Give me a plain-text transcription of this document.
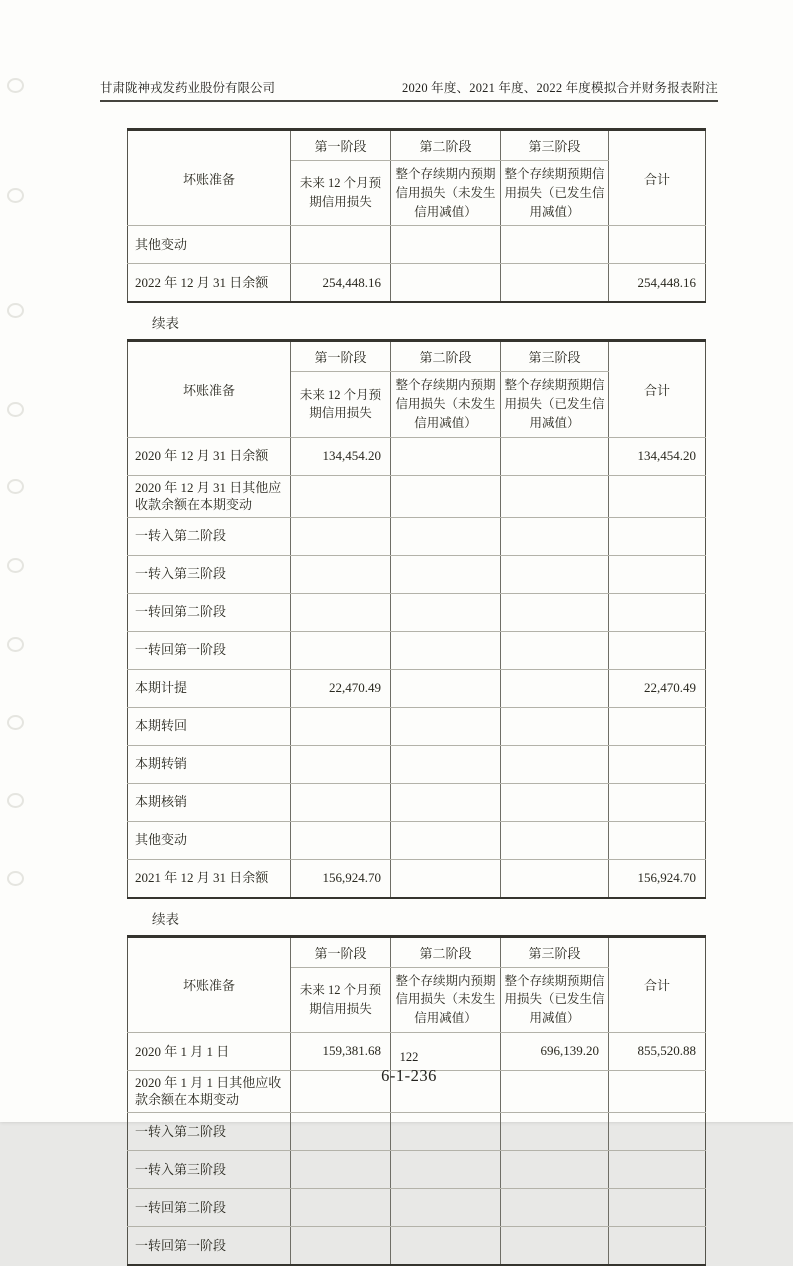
甘肃陇神戎发药业股份有限公司	2020 年度、2021 年度、2022 年度模拟合并财务报表附注
坏账准备	第一阶段	第二阶段	第三阶段	合计
	未来 12 个月预期信用损失	整个存续期内预期信用损失（未发生信用减值）	整个存续期预期信用损失（已发生信用减值）	
其他变动				
2022 年 12 月 31 日余额	254,448.16			254,448.16
续表
坏账准备	第一阶段	第二阶段	第三阶段	合计
	未来 12 个月预期信用损失	整个存续期内预期信用损失（未发生信用减值）	整个存续期预期信用损失（已发生信用减值）	
2020 年 12 月 31 日余额	134,454.20			134,454.20
2020 年 12 月 31 日其他应收款余额在本期变动				
一转入第二阶段				
一转入第三阶段				
一转回第二阶段				
一转回第一阶段				
本期计提	22,470.49			22,470.49
本期转回				
本期转销				
本期核销				
其他变动				
2021 年 12 月 31 日余额	156,924.70			156,924.70
续表
坏账准备	第一阶段	第二阶段	第三阶段	合计
	未来 12 个月预期信用损失	整个存续期内预期信用损失（未发生信用减值）	整个存续期预期信用损失（已发生信用减值）	
2020 年 1 月 1 日	159,381.68		696,139.20	855,520.88
2020 年 1 月 1 日其他应收款余额在本期变动				
一转入第二阶段				
一转入第三阶段				
一转回第二阶段				
一转回第一阶段				
122
6-1-236
